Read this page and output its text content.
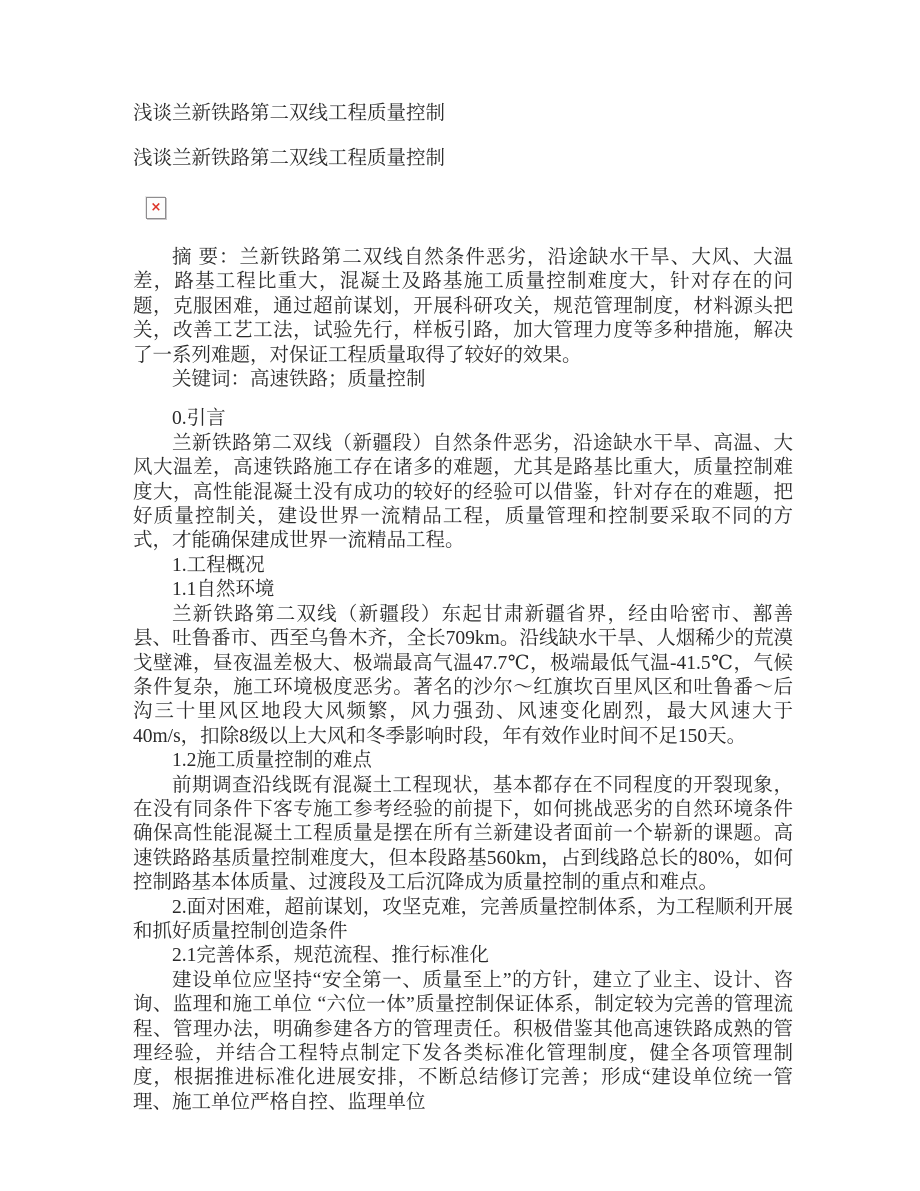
浅谈兰新铁路第二双线工程质量控制

浅谈兰新铁路第二双线工程质量控制

×

摘 要：兰新铁路第二双线自然条件恶劣，沿途缺水干旱、大风、大温差，路基工程比重大，混凝土及路基施工质量控制难度大，针对存在的问题，克服困难，通过超前谋划，开展科研攻关，规范管理制度，材料源头把关，改善工艺工法，试验先行，样板引路，加大管理力度等多种措施，解决了一系列难题，对保证工程质量取得了较好的效果。

关键词：高速铁路；质量控制

0.引言

兰新铁路第二双线（新疆段）自然条件恶劣，沿途缺水干旱、高温、大风大温差，高速铁路施工存在诸多的难题，尤其是路基比重大，质量控制难度大，高性能混凝土没有成功的较好的经验可以借鉴，针对存在的难题，把好质量控制关，建设世界一流精品工程，质量管理和控制要采取不同的方式，才能确保建成世界一流精品工程。

1.工程概况

1.1自然环境

兰新铁路第二双线（新疆段）东起甘肃新疆省界，经由哈密市、鄯善县、吐鲁番市、西至乌鲁木齐，全长709km。沿线缺水干旱、人烟稀少的荒漠戈壁滩，昼夜温差极大、极端最高气温47.7℃，极端最低气温-41.5℃，气候条件复杂，施工环境极度恶劣。著名的沙尔～红旗坎百里风区和吐鲁番～后沟三十里风区地段大风频繁，风力强劲、风速变化剧烈，最大风速大于40m/s，扣除8级以上大风和冬季影响时段，年有效作业时间不足150天。

1.2施工质量控制的难点

前期调查沿线既有混凝土工程现状，基本都存在不同程度的开裂现象，在没有同条件下客专施工参考经验的前提下，如何挑战恶劣的自然环境条件确保高性能混凝土工程质量是摆在所有兰新建设者面前一个崭新的课题。高速铁路路基质量控制难度大，但本段路基560km，占到线路总长的80%，如何控制路基本体质量、过渡段及工后沉降成为质量控制的重点和难点。

2.面对困难，超前谋划，攻坚克难，完善质量控制体系，为工程顺利开展和抓好质量控制创造条件

2.1完善体系，规范流程、推行标准化

建设单位应坚持“安全第一、质量至上”的方针，建立了业主、设计、咨询、监理和施工单位 “六位一体”质量控制保证体系，制定较为完善的管理流程、管理办法，明确参建各方的管理责任。积极借鉴其他高速铁路成熟的管理经验，并结合工程特点制定下发各类标准化管理制度，健全各项管理制度，根据推进标准化进展安排，不断总结修订完善；形成“建设单位统一管理、施工单位严格自控、监理单位
